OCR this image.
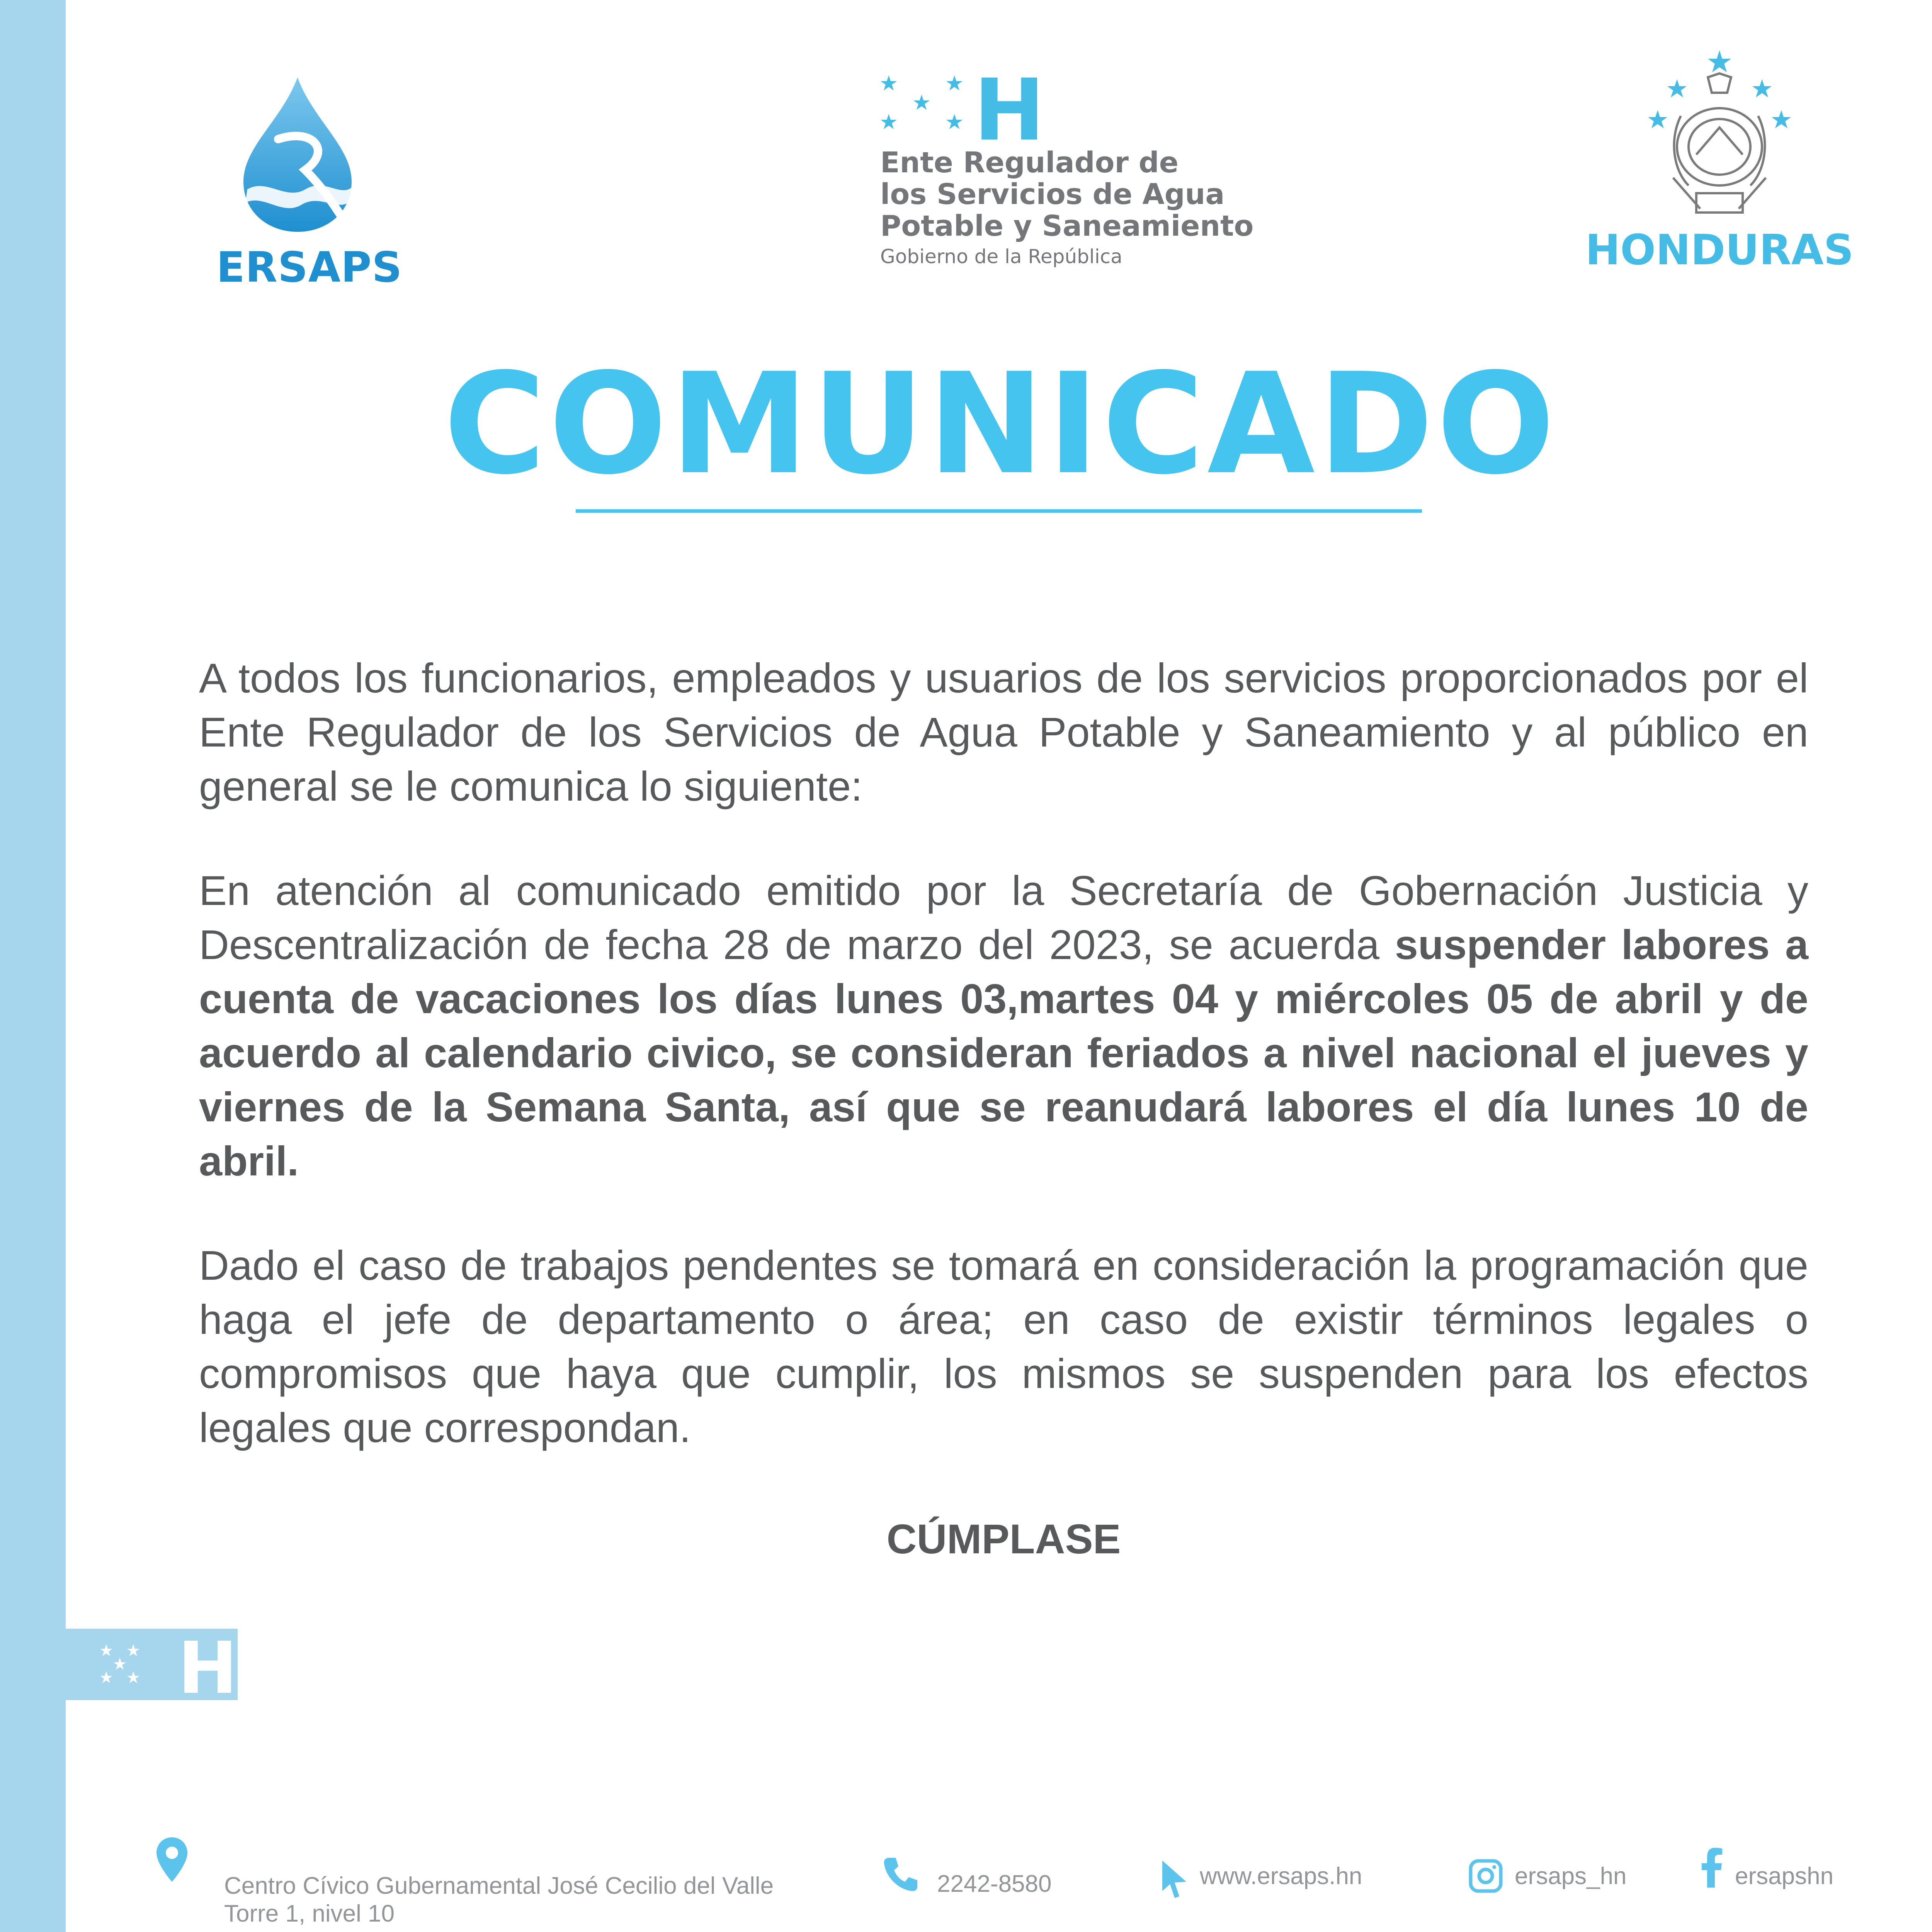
H
ERSAPS
H
Ente Regulador de
los Servicios de Agua
Potable y Saneamiento
Gobierno de la República	HONDURAS
COMUNICADO

A todos los funcionarios, empleados y usuarios de los servicios proporcionados por el Ente Regulador de los Servicios de Agua Potable y Saneamiento y al público en general se le comunica lo siguiente:

En atención al comunicado emitido por la Secretaría de Gobernación Justicia y Descentralización de fecha 28 de marzo del 2023, se acuerda suspender labores a cuenta de vacaciones los días lunes 03,martes 04 y miércoles 05 de abril y de acuerdo al calendario civico, se consideran feriados a nivel nacional el jueves y viernes de la Semana Santa, así que se reanudará labores el día lunes 10 de abril.

Dado el caso de trabajos pendentes se tomará en consideración la programación que haga el jefe de departamento o área; en caso de existir términos legales o compromisos que haya que cumplir, los mismos se suspenden para los efectos legales que correspondan.

CÚMPLASE
Centro Cívico Gubernamental José Cecilio del Valle
Torre 1, nivel 10
2242-8580	www.ersaps.hn	ersaps_hn	ersapshn
